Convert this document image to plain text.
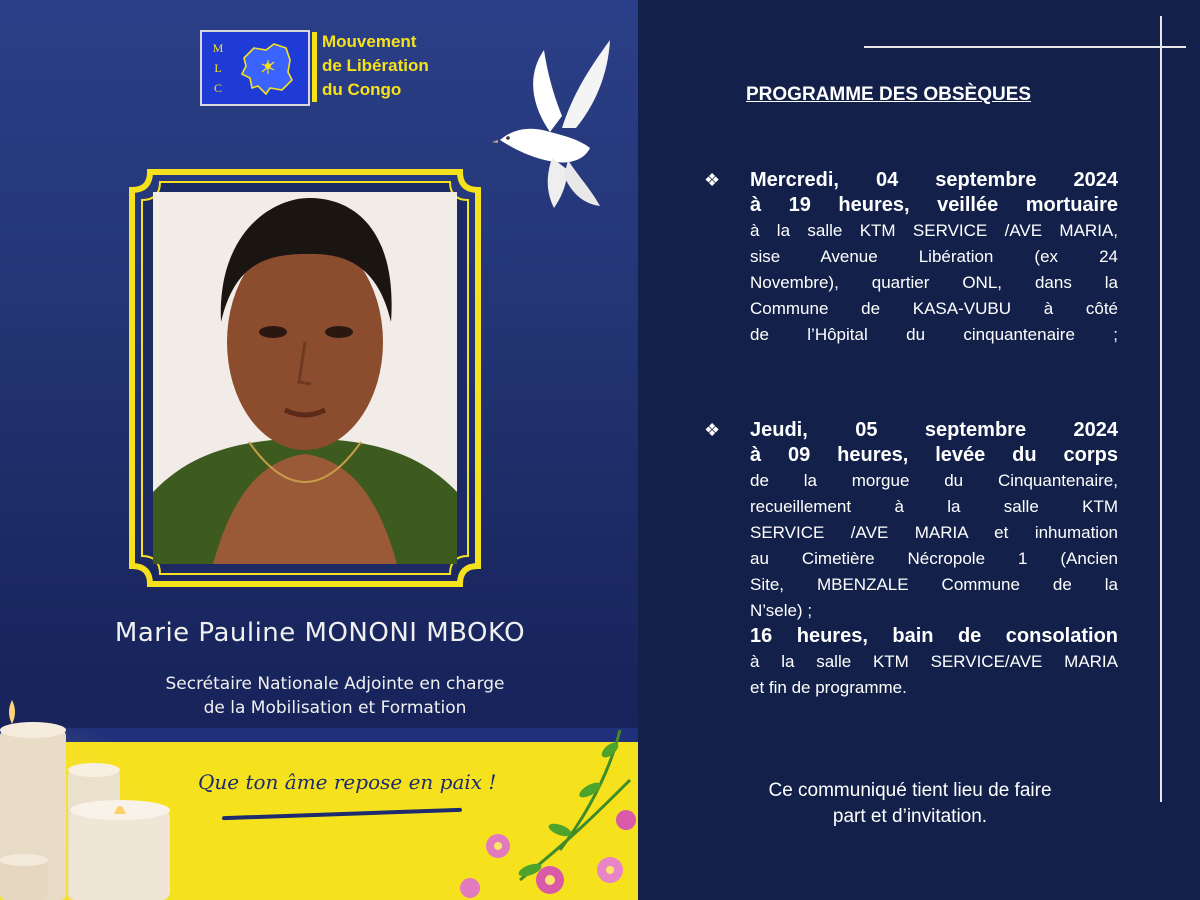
M
L
C
Mouvement
de Libération
du Congo
Marie Pauline MONONI MBOKO
Secrétaire Nationale Adjointe en charge
de la Mobilisation et Formation
Que ton âme repose en paix !
PROGRAMME DES OBSÈQUES
❖	Mercredi, 04 septembre 2024
à 19 heures, veillée mortuaire
à la salle KTM SERVICE /AVE MARIA,
sise Avenue Libération (ex 24
Novembre), quartier ONL, dans la
Commune de KASA-VUBU à côté
de l’Hôpital du cinquantenaire ;
❖	Jeudi, 05 septembre 2024
à 09 heures, levée du corps
de la morgue du Cinquantenaire,
recueillement à la salle KTM
SERVICE /AVE MARIA et inhumation
au Cimetière Nécropole 1 (Ancien
Site, MBENZALE Commune de la
N’sele) ;
16 heures, bain de consolation
à la salle KTM SERVICE/AVE MARIA
et fin de programme.
Ce communiqué tient lieu de faire
part et d’invitation.
